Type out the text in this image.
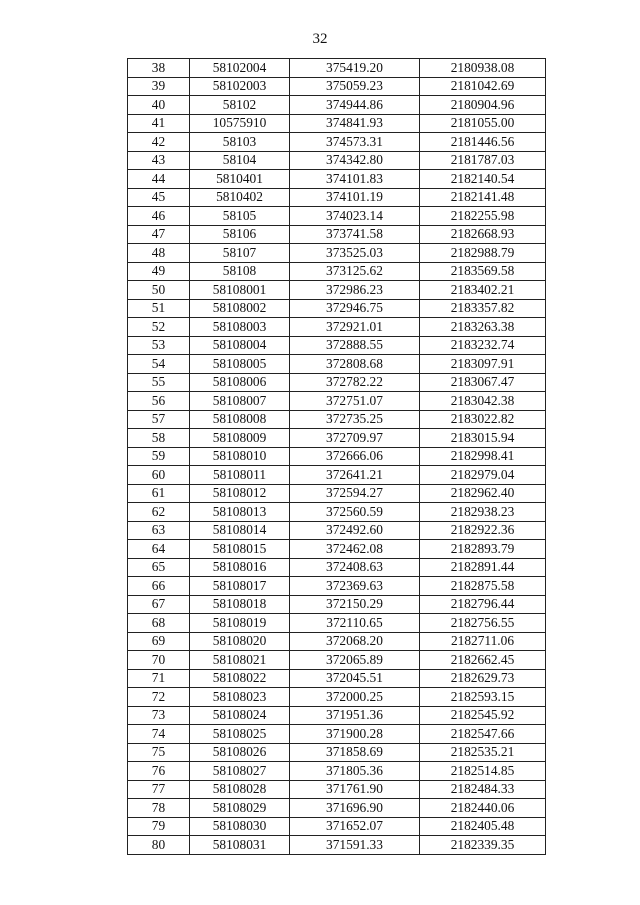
32
38	58102004	375419.20	2180938.08
39	58102003	375059.23	2181042.69
40	58102	374944.86	2180904.96
41	10575910	374841.93	2181055.00
42	58103	374573.31	2181446.56
43	58104	374342.80	2181787.03
44	5810401	374101.83	2182140.54
45	5810402	374101.19	2182141.48
46	58105	374023.14	2182255.98
47	58106	373741.58	2182668.93
48	58107	373525.03	2182988.79
49	58108	373125.62	2183569.58
50	58108001	372986.23	2183402.21
51	58108002	372946.75	2183357.82
52	58108003	372921.01	2183263.38
53	58108004	372888.55	2183232.74
54	58108005	372808.68	2183097.91
55	58108006	372782.22	2183067.47
56	58108007	372751.07	2183042.38
57	58108008	372735.25	2183022.82
58	58108009	372709.97	2183015.94
59	58108010	372666.06	2182998.41
60	58108011	372641.21	2182979.04
61	58108012	372594.27	2182962.40
62	58108013	372560.59	2182938.23
63	58108014	372492.60	2182922.36
64	58108015	372462.08	2182893.79
65	58108016	372408.63	2182891.44
66	58108017	372369.63	2182875.58
67	58108018	372150.29	2182796.44
68	58108019	372110.65	2182756.55
69	58108020	372068.20	2182711.06
70	58108021	372065.89	2182662.45
71	58108022	372045.51	2182629.73
72	58108023	372000.25	2182593.15
73	58108024	371951.36	2182545.92
74	58108025	371900.28	2182547.66
75	58108026	371858.69	2182535.21
76	58108027	371805.36	2182514.85
77	58108028	371761.90	2182484.33
78	58108029	371696.90	2182440.06
79	58108030	371652.07	2182405.48
80	58108031	371591.33	2182339.35
